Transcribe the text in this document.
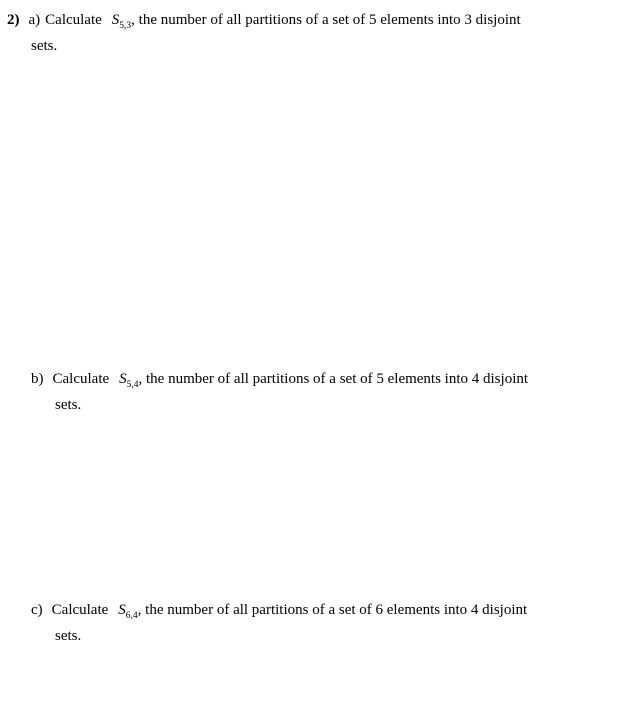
2) a) Calculate $S_{5,3}$, the number of all partitions of a set of 5 elements into 3 disjoint
sets.
b) Calculate $S_{5,4}$, the number of all partitions of a set of 5 elements into 4 disjoint
sets.
c) Calculate $S_{6,4}$, the number of all partitions of a set of 6 elements into 4 disjoint
sets.
